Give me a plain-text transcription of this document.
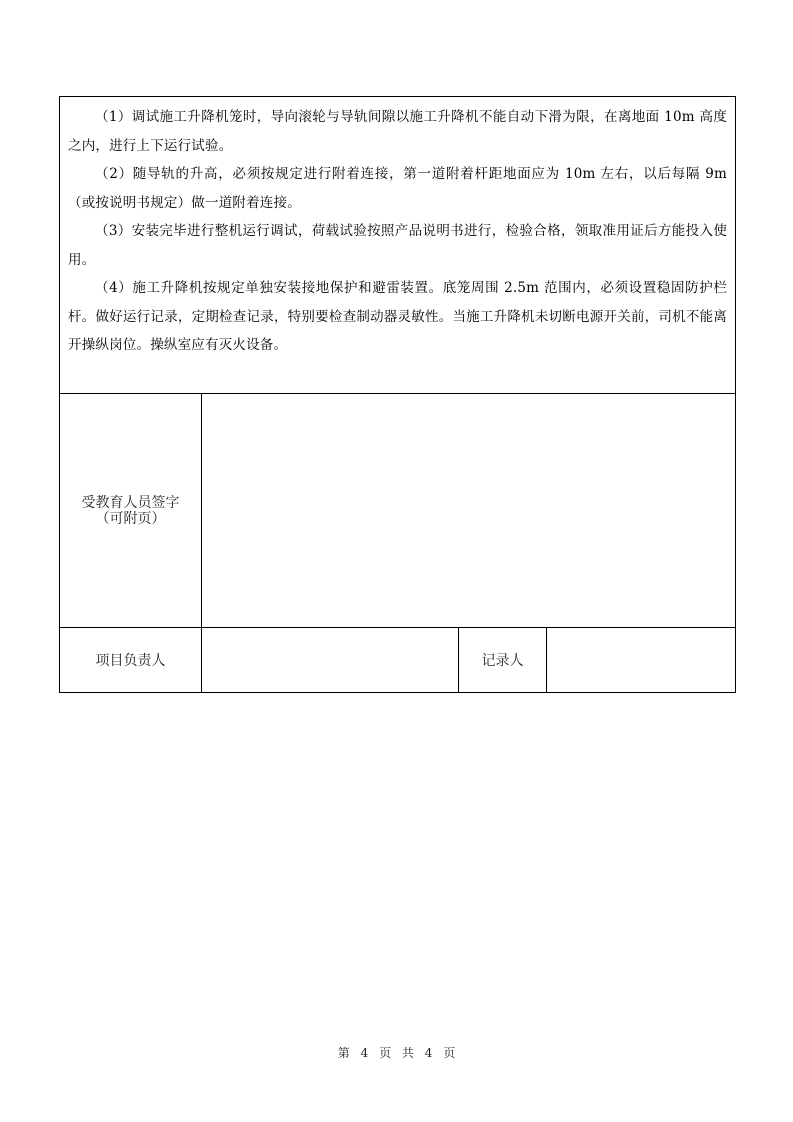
（1）调试施工升降机笼时，导向滚轮与导轨间隙以施工升降机不能自动下滑为限，在离地面 10m 高度之内，进行上下运行试验。

（2）随导轨的升高，必须按规定进行附着连接，第一道附着杆距地面应为 10m 左右，以后每隔 9m（或按说明书规定）做一道附着连接。

（3）安装完毕进行整机运行调试，荷载试验按照产品说明书进行，检验合格，领取准用证后方能投入使用。

（4）施工升降机按规定单独安装接地保护和避雷装置。底笼周围 2.5m 范围内，必须设置稳固防护栏杆。做好运行记录，定期检查记录，特别要检查制动器灵敏性。当施工升降机未切断电源开关前，司机不能离开操纵岗位。操纵室应有灭火设备。			

受教育人员签字
（可附页）			

项目负责人		记录人	
第 4 页 共 4 页
